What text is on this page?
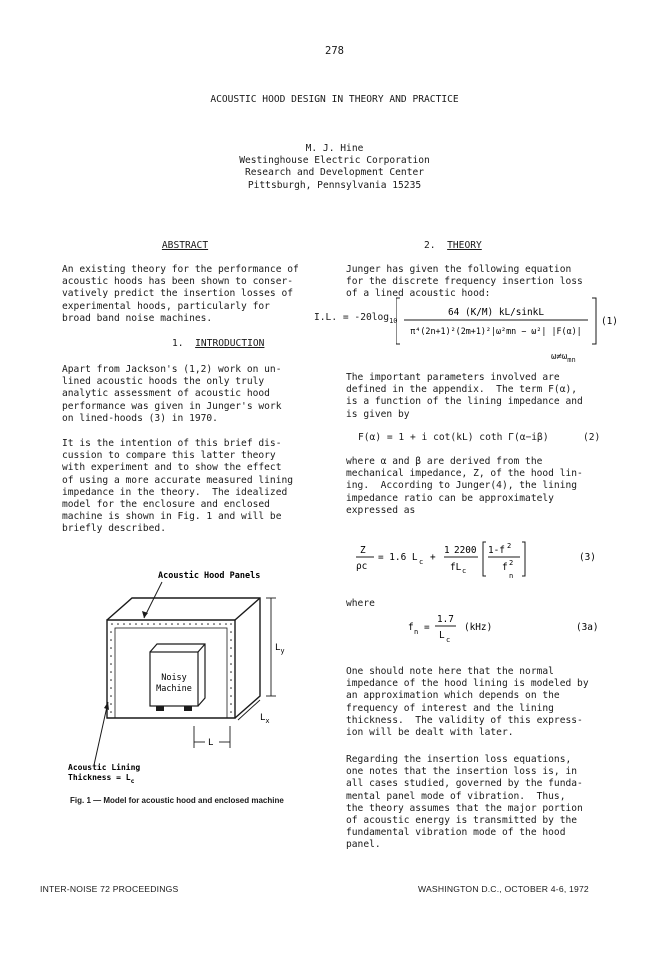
278
ACOUSTIC HOOD DESIGN IN THEORY AND PRACTICE
M. J. Hine
Westinghouse Electric Corporation
Research and Development Center
Pittsburgh, Pennsylvania 15235
ABSTRACT
An existing theory for the performance of
acoustic hoods has been shown to conser-
vatively predict the insertion losses of
experimental hoods, particularly for
broad band noise machines.
1. INTRODUCTION
Apart from Jackson's (1,2) work on un-
lined acoustic hoods the only truly
analytic assessment of acoustic hood
performance was given in Junger's work
on lined-hoods (3) in 1970.
It is the intention of this brief dis-
cussion to compare this latter theory
with experiment and to show the effect
of using a more accurate measured lining
impedance in the theory.  The idealized
model for the enclosure and enclosed
machine is shown in Fig. 1 and will be
briefly described.
Noisy
Machine
Acoustic Hood Panels
$L_y$
$L_x$
L
Acoustic Lining
Thickness = $L_c$
Fig. 1 — Model for acoustic hood and enclosed machine
2. THEORY
Junger has given the following equation
for the discrete frequency insertion loss
of a lined acoustic hood:
I.L. = $-20\log_{10}$
64 (K/M) kL/sinkL
π⁴(2n+1)²(2m+1)²|ω²mn − ω²| |F(α)|
(1)
$\omega\ne\omega_{mn}$
The important parameters involved are
defined in the appendix.  The term F(α),
is a function of the lining impedance and
is given by
F(α) = 1 + i cot(kL) coth Γ(α−iβ)	(2)
where α and β are derived from the
mechanical impedance, Z, of the hood lin-
ing.  According to Junger(4), the lining
impedance ratio can be approximately
expressed as
Z
ρc
= 1.6 L c +
1 2200
fL c
1-f 2
f 2
n
(3)
where
f n =
1.7
L c
(kHz)	(3a)
One should note here that the normal
impedance of the hood lining is modeled by
an approximation which depends on the
frequency of interest and the lining
thickness.  The validity of this express-
ion will be dealt with later.
Regarding the insertion loss equations,
one notes that the insertion loss is, in
all cases studied, governed by the funda-
mental panel mode of vibration.  Thus,
the theory assumes that the major portion
of acoustic energy is transmitted by the
fundamental vibration mode of the hood
panel.
INTER-NOISE 72 PROCEEDINGS	WASHINGTON D.C., OCTOBER 4-6, 1972
